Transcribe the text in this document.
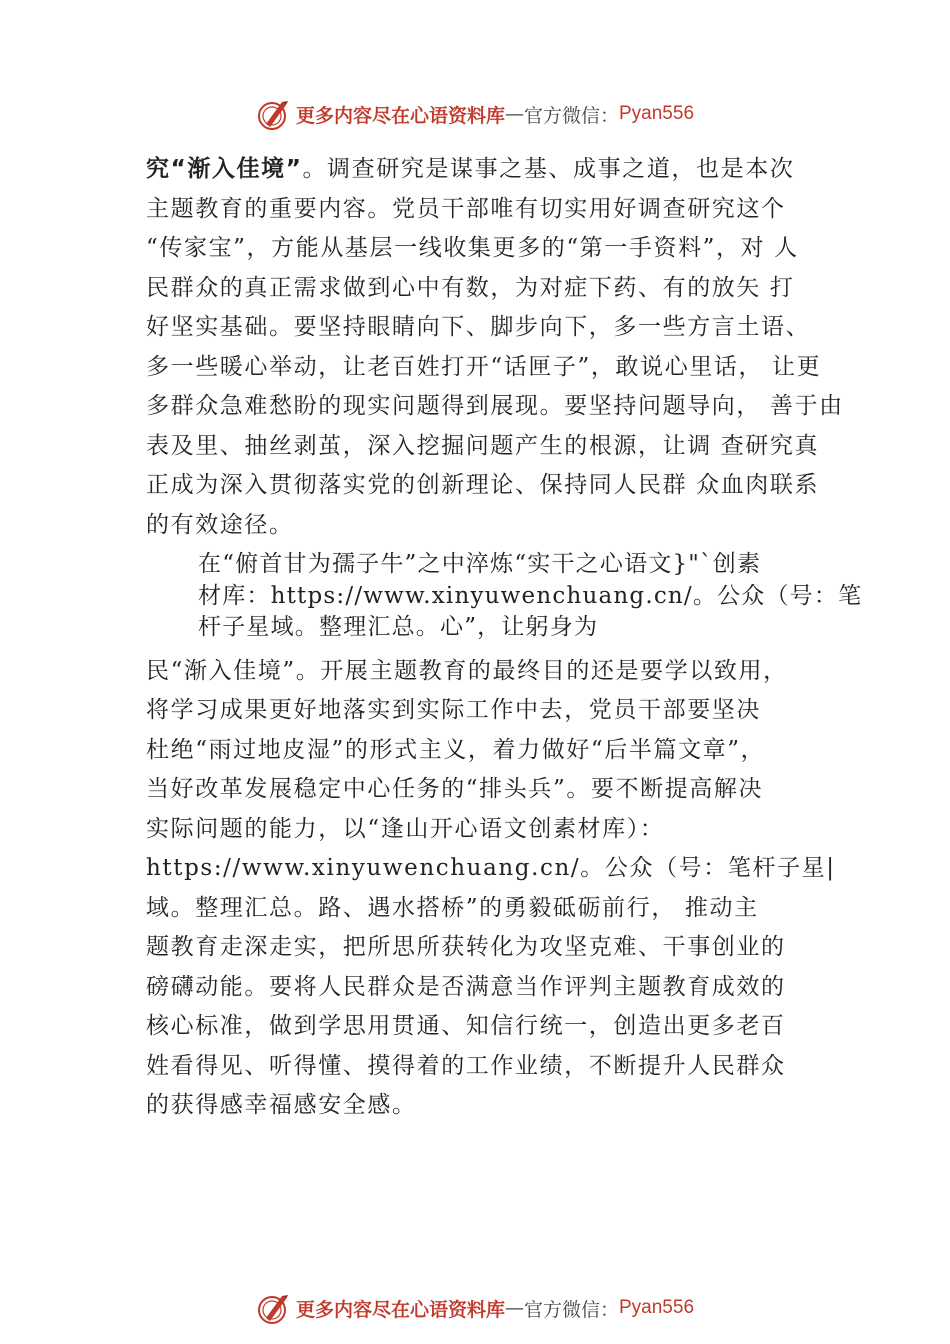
更多内容尽在心语资料库 — 官方微信： Pyan556
究“渐入佳境”。调查研究是谋事之基、成事之道，也是本次
主题教育的重要内容。党员干部唯有切实用好调查研究这个
“传家宝”，方能从基层一线收集更多的“第一手资料”，对 人
民群众的真正需求做到心中有数，为对症下药、有的放矢 打
好坚实基础。要坚持眼睛向下、脚步向下，多一些方言土语、
多一些暖心举动，让老百姓打开“话匣子”，敢说心里话， 让更
多群众急难愁盼的现实问题得到展现。要坚持问题导向， 善于由
表及里、抽丝剥茧，深入挖掘问题产生的根源，让调 查研究真
正成为深入贯彻落实党的创新理论、保持同人民群 众血肉联系
的有效途径。
在“俯首甘为孺子牛”之中淬炼“实干之心语文}"`创素
材库：https://www.xinyuwenchuang.cn/。公众（号：笔
杆子星域。整理汇总。心”，让躬身为
民“渐入佳境”。开展主题教育的最终目的还是要学以致用，
将学习成果更好地落实到实际工作中去，党员干部要坚决
杜绝“雨过地皮湿”的形式主义，着力做好“后半篇文章”，
当好改革发展稳定中心任务的“排头兵”。要不断提高解决
实际问题的能力，以“逢山开心语文创素材库）：
https://www.xinyuwenchuang.cn/。公众（号：笔杆子星|
域。整理汇总。路、遇水搭桥”的勇毅砥砺前行， 推动主
题教育走深走实，把所思所获转化为攻坚克难、干事创业的
磅礴动能。要将人民群众是否满意当作评判主题教育成效的
核心标准，做到学思用贯通、知信行统一，创造出更多老百
姓看得见、听得懂、摸得着的工作业绩，不断提升人民群众
的获得感幸福感安全感。
更多内容尽在心语资料库 — 官方微信： Pyan556
